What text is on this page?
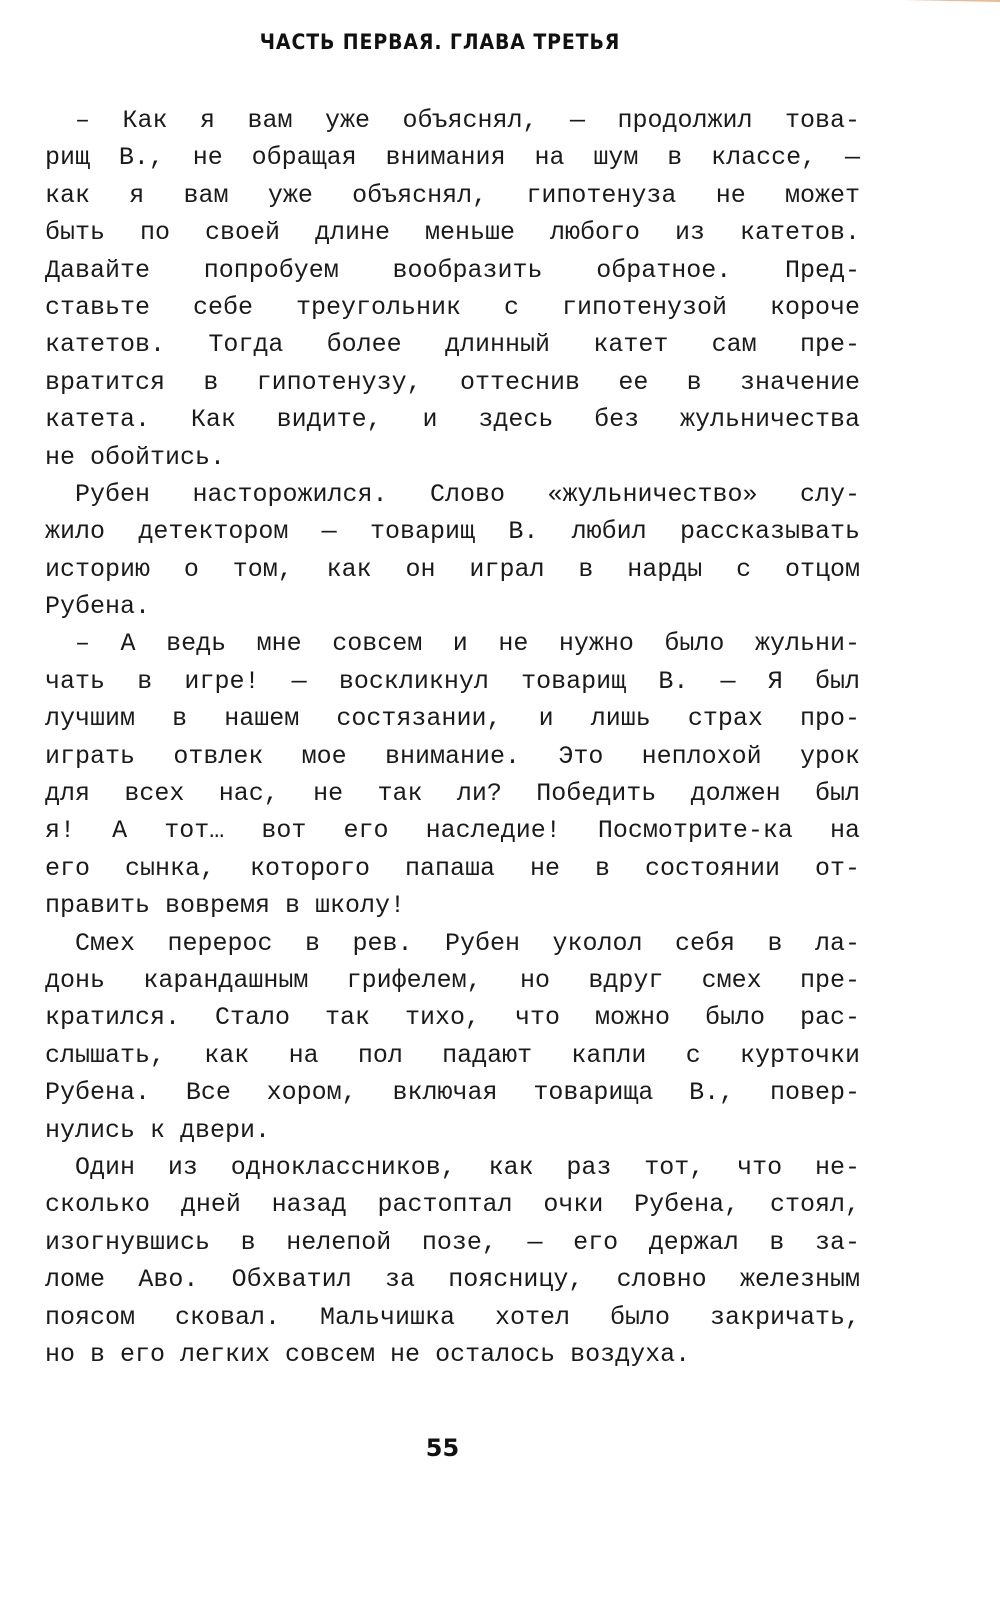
ЧАСТЬ ПЕРВАЯ. ГЛАВА ТРЕТЬЯ
– Как я вам уже объяснял, — продолжил това-
рищ В., не обращая внимания на шум в классе, —
как я вам уже объяснял, гипотенуза не может
быть по своей длине меньше любого из катетов.
Давайте попробуем вообразить обратное. Пред-
ставьте себе треугольник с гипотенузой короче
катетов. Тогда более длинный катет сам пре-
вратится в гипотенузу, оттеснив ее в значение
катета. Как видите, и здесь без жульничества
не обойтись.
Рубен насторожился. Слово «жульничество» слу-
жило детектором — товарищ В. любил рассказывать
историю о том, как он играл в нарды с отцом
Рубена.
– А ведь мне совсем и не нужно было жульни-
чать в игре! — воскликнул товарищ В. — Я был
лучшим в нашем состязании, и лишь страх про-
играть отвлек мое внимание. Это неплохой урок
для всех нас, не так ли? Победить должен был
я! А тот… вот его наследие! Посмотрите-ка на
его сынка, которого папаша не в состоянии от-
править вовремя в школу!
Смех перерос в рев. Рубен уколол себя в ла-
донь карандашным грифелем, но вдруг смех пре-
кратился. Стало так тихо, что можно было рас-
слышать, как на пол падают капли с курточки
Рубена. Все хором, включая товарища В., повер-
нулись к двери.
Один из одноклассников, как раз тот, что не-
сколько дней назад растоптал очки Рубена, стоял,
изогнувшись в нелепой позе, — его держал в за-
ломе Аво. Обхватил за поясницу, словно железным
поясом сковал. Мальчишка хотел было закричать,
но в его легких совсем не осталось воздуха.
55
